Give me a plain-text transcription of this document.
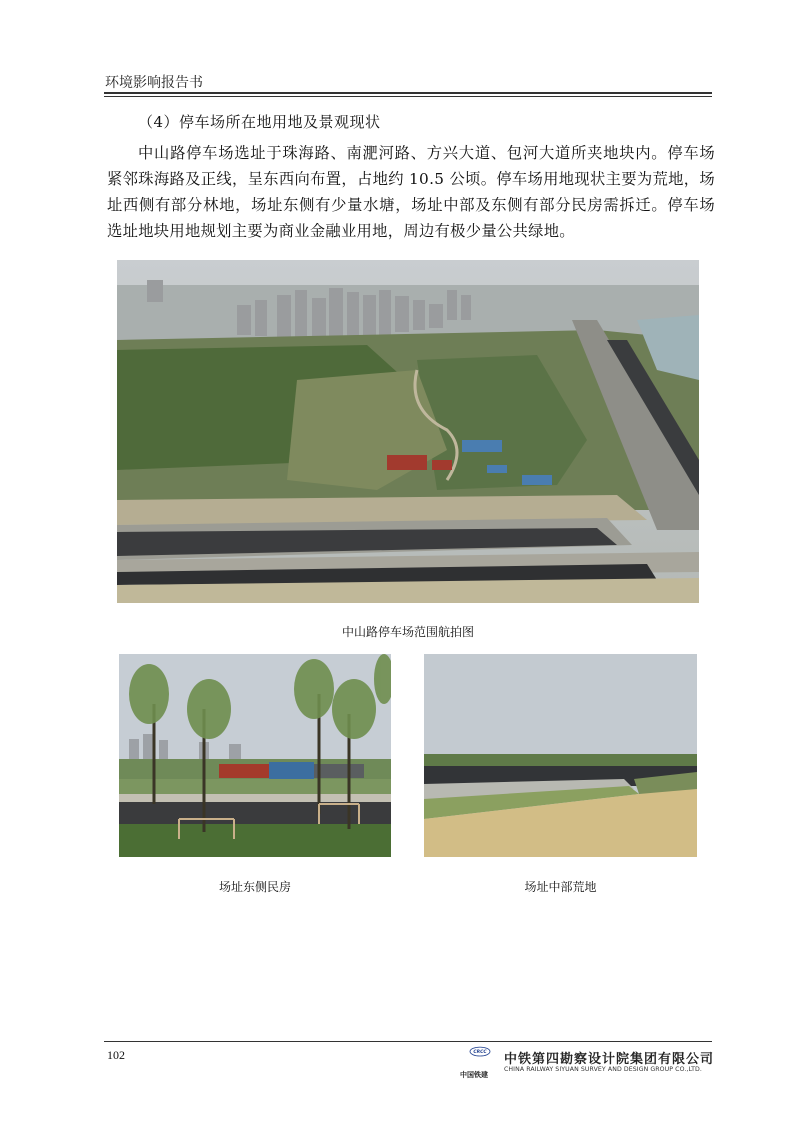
环境影响报告书
（4）停车场所在地用地及景观现状
中山路停车场选址于珠海路、南淝河路、方兴大道、包河大道所夹地块内。停车场紧邻珠海路及正线，呈东西向布置，占地约 10.5 公顷。停车场用地现状主要为荒地，场址西侧有部分林地，场址东侧有少量水塘，场址中部及东侧有部分民房需拆迁。停车场选址地块用地规划主要为商业金融业用地，周边有极少量公共绿地。
中山路停车场范围航拍图
场址东侧民房	场址中部荒地
102	CRCC
中国铁建
中铁第四勘察设计院集团有限公司
CHINA RAILWAY SIYUAN SURVEY AND DESIGN GROUP CO.,LTD.
